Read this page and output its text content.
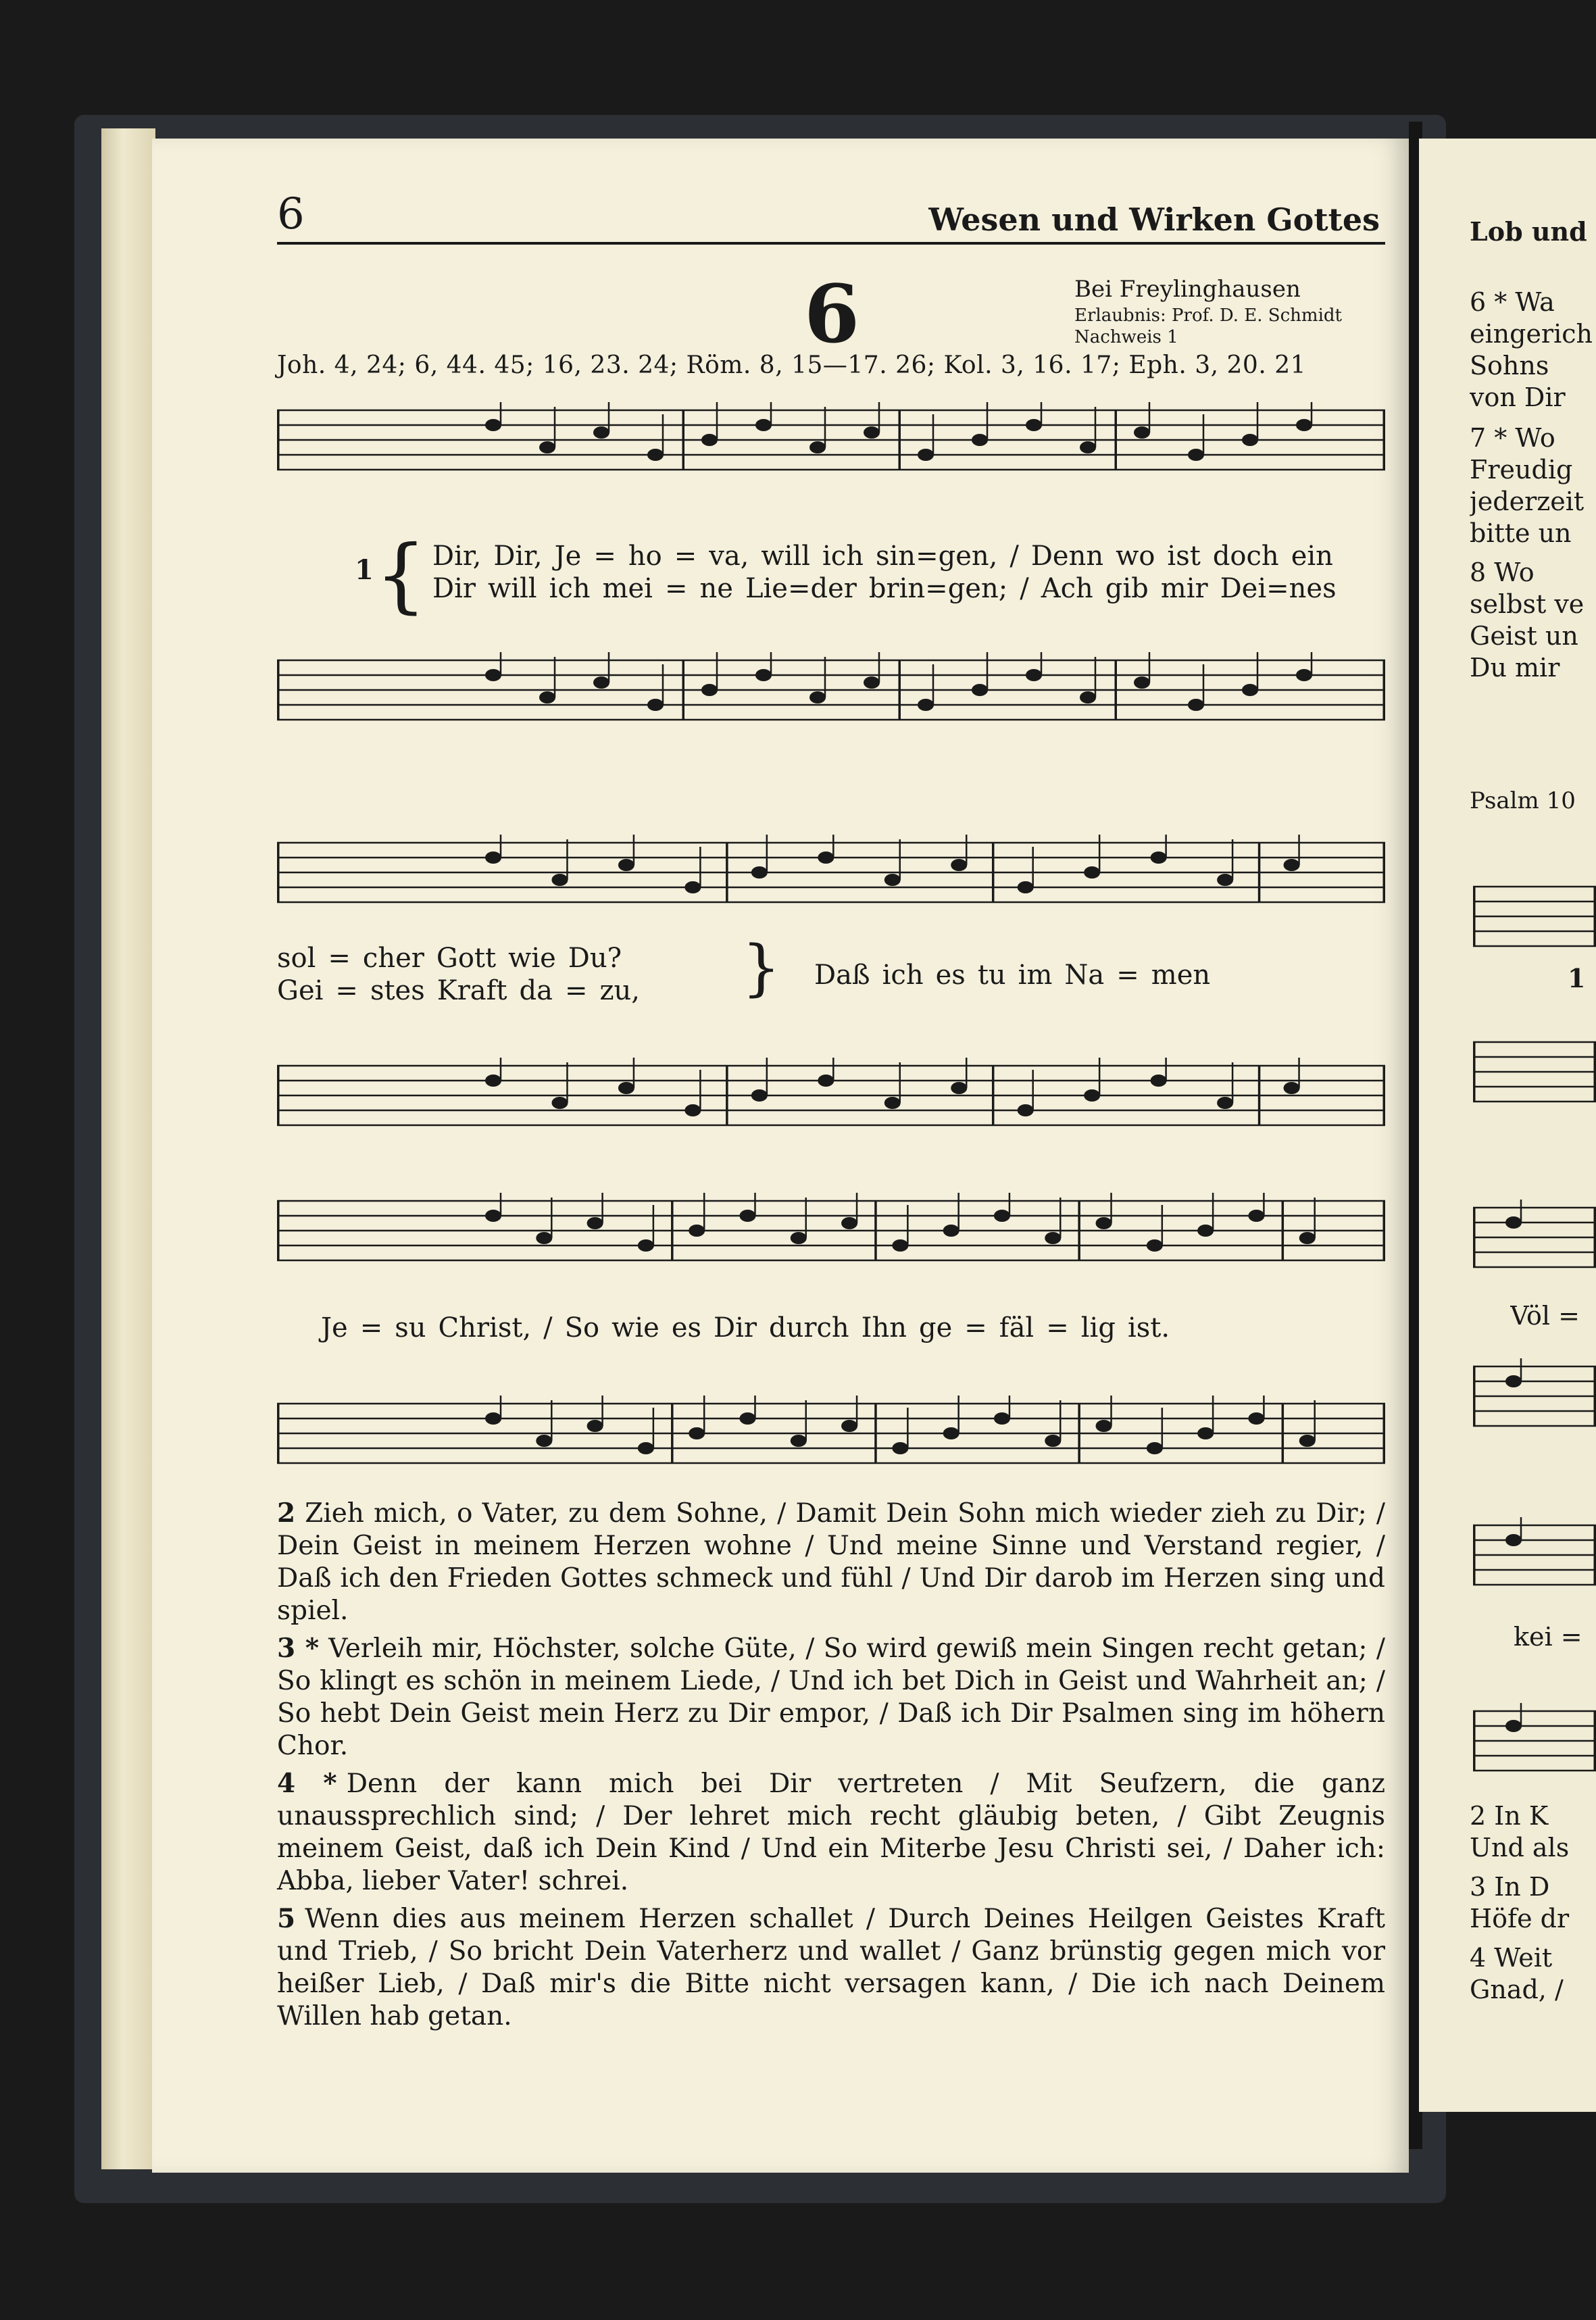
6	Wesen und Wirken Gottes
6	Bei Freylinghausen
Erlaubnis: Prof. D. E. Schmidt
Nachweis 1
Joh. 4, 24; 6, 44. 45; 16, 23. 24; Röm. 8, 15—17. 26; Kol. 3, 16. 17; Eph. 3, 20. 21
1 { Dir, Dir, Je = ho = va, will ich sin=gen, / Denn wo ist doch ein
Dir will ich mei = ne Lie=der brin=gen; / Ach gib mir Dei=nes
sol = cher Gott wie Du?
Gei = stes Kraft da = zu, } Daß ich es tu im Na = men
Je = su Christ, / So wie es Dir durch Ihn ge = fäl = lig ist.
2 Zieh mich, o Vater, zu dem Sohne, / Damit Dein Sohn mich wieder zieh zu Dir; / Dein Geist in meinem Herzen wohne / Und meine Sinne und Verstand regier, / Daß ich den Frieden Gottes schmeck und fühl / Und Dir darob im Herzen sing und spiel.
3 * Verleih mir, Höchster, solche Güte, / So wird gewiß mein Singen recht getan; / So klingt es schön in meinem Liede, / Und ich bet Dich in Geist und Wahrheit an; / So hebt Dein Geist mein Herz zu Dir empor, / Daß ich Dir Psalmen sing im höhern Chor.
4 * Denn der kann mich bei Dir vertreten / Mit Seufzern, die ganz unaussprechlich sind; / Der lehret mich recht gläubig beten, / Gibt Zeugnis meinem Geist, daß ich Dein Kind / Und ein Miterbe Jesu Christi sei, / Daher ich: Abba, lieber Vater! schrei.
5 Wenn dies aus meinem Herzen schallet / Durch Deines Heilgen Geistes Kraft und Trieb, / So bricht Dein Vaterherz und wallet / Ganz brünstig gegen mich vor heißer Lieb, / Daß mir's die Bitte nicht versagen kann, / Die ich nach Deinem Willen hab getan.
Lob und
6 * Wa
eingerich
Sohns
von Dir
7 * Wo
Freudig
jederzeit
bitte un
8 Wo
selbst ve
Geist un
Du mir
Psalm 10
1
Völ =
kei =
2 In K
Und als
3 In D
Höfe dr
4 Weit
Gnad, /
